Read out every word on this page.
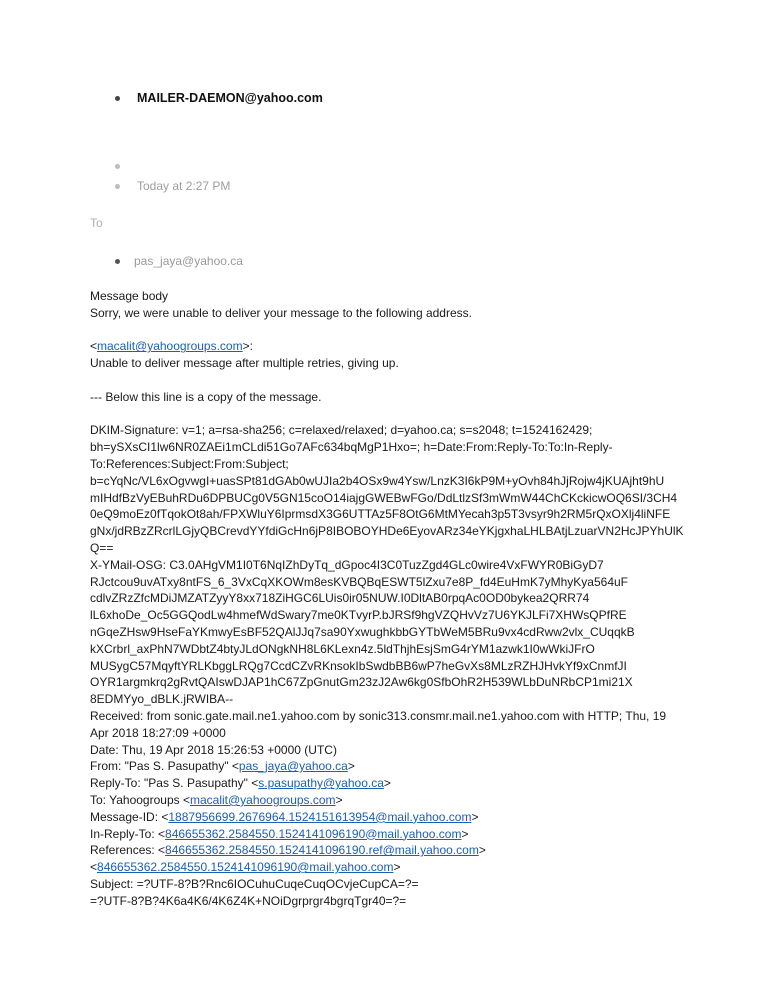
MAILER-DAEMON@yahoo.com
Today at 2:27 PM
To
pas_jaya@yahoo.ca
Message body
Sorry, we were unable to deliver your message to the following address.
<macalit@yahoogroups.com>:
Unable to deliver message after multiple retries, giving up.
--- Below this line is a copy of the message.
DKIM-Signature: v=1; a=rsa-sha256; c=relaxed/relaxed; d=yahoo.ca; s=s2048; t=1524162429;
bh=ySXsCI1lw6NR0ZAEi1mCLdi51Go7AFc634bqMgP1Hxo=; h=Date:From:Reply-To:To:In-Reply-
To:References:Subject:From:Subject;
b=cYqNc/VL6xOgvwgI+uasSPt81dGAb0wUJIa2b4OSx9w4Ysw/LnzK3I6kP9M+yOvh84hJjRojw4jKUAjht9hU
mIHdfBzVyEBuhRDu6DPBUCg0V5GN15coO14iajgGWEBwFGo/DdLtlzSf3mWmW44ChCKckicwOQ6SI/3CH4
0eQ9moEz0fTqokOt8ah/FPXWluY6IprmsdX3G6UTTAz5F8OtG6MtMYecah3p5T3vsyr9h2RM5rQxOXlj4liNFE
gNx/jdRBzZRcrlLGjyQBCrevdYYfdiGcHn6jP8IBOBOYHDe6EyovARz34eYKjgxhaLHLBAtjLzuarVN2HcJPYhUlK
Q==
X-YMail-OSG: C3.0AHgVM1I0T6NqIZhDyTq_dGpoc4I3C0TuzZgd4GLc0wire4VxFWYR0BiGyD7
RJctcou9uvATxy8ntFS_6_3VxCqXKOWm8esKVBQBqESWT5lZxu7e8P_fd4EuHmK7yMhyKya564uF
cdlvZRzZfcMDiJMZATZyyY8xx718ZiHGC6LUis0ir05NUW.I0DltAB0rpqAc0OD0bykea2QRR74
lL6xhoDe_Oc5GGQodLw4hmefWdSwary7me0KTvyrP.bJRSf9hgVZQHvVz7U6YKJLFi7XHWsQPfRE
nGqeZHsw9HseFaYKmwyEsBF52QAlJJq7sa90YxwughkbbGYTbWeM5BRu9vx4cdRww2vlx_CUqqkB
kXCrbrl_axPhN7WDbtZ4btyJLdONgkNH8L6KLexn4z.5ldThjhEsjSmG4rYM1azwk1I0wWkiJFrO
MUSygC57MqyftYRLKbggLRQg7CcdCZvRKnsokIbSwdbBB6wP7heGvXs8MLzRZHJHvkYf9xCnmfJI
OYR1argmkrq2gRvtQAIswDJAP1hC67ZpGnutGm23zJ2Aw6kg0SfbOhR2H539WLbDuNRbCP1mi21X
8EDMYyo_dBLK.jRWIBA--
Received: from sonic.gate.mail.ne1.yahoo.com by sonic313.consmr.mail.ne1.yahoo.com with HTTP; Thu, 19
Apr 2018 18:27:09 +0000
Date: Thu, 19 Apr 2018 15:26:53 +0000 (UTC)
From: "Pas S. Pasupathy" <pas_jaya@yahoo.ca>
Reply-To: "Pas S. Pasupathy" <s.pasupathy@yahoo.ca>
To: Yahoogroups <macalit@yahoogroups.com>
Message-ID: <1887956699.2676964.1524151613954@mail.yahoo.com>
In-Reply-To: <846655362.2584550.1524141096190@mail.yahoo.com>
References: <846655362.2584550.1524141096190.ref@mail.yahoo.com>
<846655362.2584550.1524141096190@mail.yahoo.com>
Subject: =?UTF-8?B?Rnc6IOCuhuCuqeCuqOCvjeCupCA=?=
=?UTF-8?B?4K6a4K6/4K6Z4K+NOiDgrprgr4bgrqTgr40=?=
